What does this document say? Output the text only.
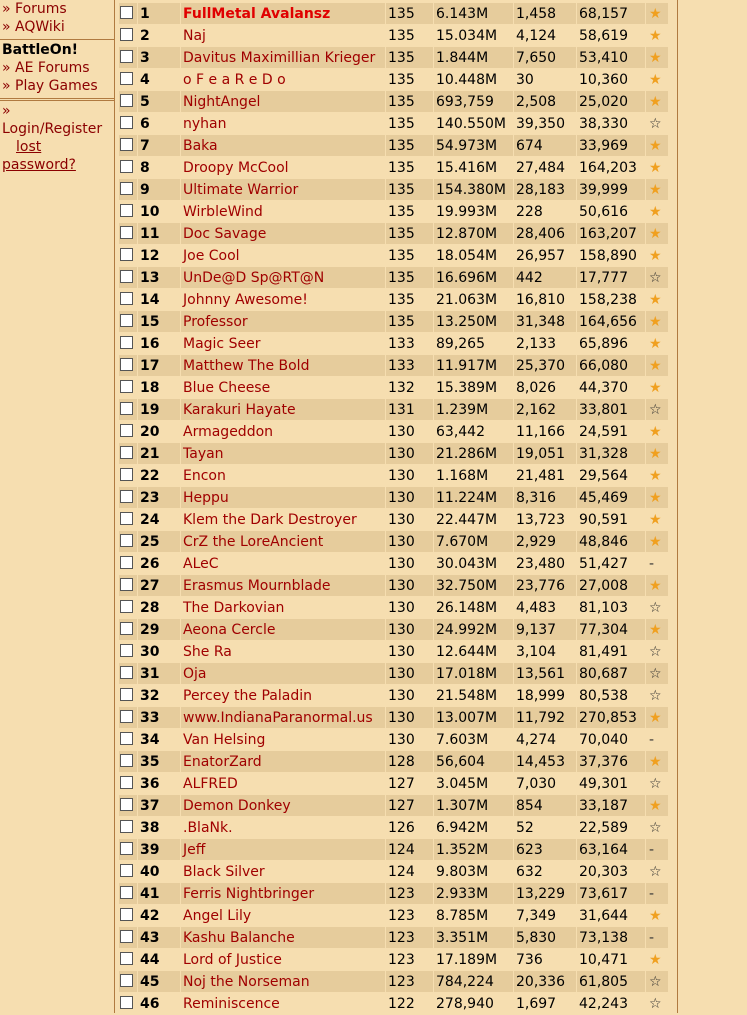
» Forums
» AQWiki
BattleOn!
» AE Forums
» Play Games
»
Login/Register
lost
password?
	1	FullMetal Avalansz	135	6.143M	1,458	68,157	★
	2	Naj	135	15.034M	4,124	58,619	★
	3	Davitus Maximillian Krieger	135	1.844M	7,650	53,410	★
	4	o F e a R e D o	135	10.448M	30	10,360	★
	5	NightAngel	135	693,759	2,508	25,020	★
	6	nyhan	135	140.550M	39,350	38,330	☆
	7	Baka	135	54.973M	674	33,969	★
	8	Droopy McCool	135	15.416M	27,484	164,203	★
	9	Ultimate Warrior	135	154.380M	28,183	39,999	★
	10	WirbleWind	135	19.993M	228	50,616	★
	11	Doc Savage	135	12.870M	28,406	163,207	★
	12	Joe Cool	135	18.054M	26,957	158,890	★
	13	UnDe@D Sp@RT@N	135	16.696M	442	17,777	☆
	14	Johnny Awesome!	135	21.063M	16,810	158,238	★
	15	Professor	135	13.250M	31,348	164,656	★
	16	Magic Seer	133	89,265	2,133	65,896	★
	17	Matthew The Bold	133	11.917M	25,370	66,080	★
	18	Blue Cheese	132	15.389M	8,026	44,370	★
	19	Karakuri Hayate	131	1.239M	2,162	33,801	☆
	20	Armageddon	130	63,442	11,166	24,591	★
	21	Tayan	130	21.286M	19,051	31,328	★
	22	Encon	130	1.168M	21,481	29,564	★
	23	Heppu	130	11.224M	8,316	45,469	★
	24	Klem the Dark Destroyer	130	22.447M	13,723	90,591	★
	25	CrZ the LoreAncient	130	7.670M	2,929	48,846	★
	26	ALeC	130	30.043M	23,480	51,427	-
	27	Erasmus Mournblade	130	32.750M	23,776	27,008	★
	28	The Darkovian	130	26.148M	4,483	81,103	☆
	29	Aeona Cercle	130	24.992M	9,137	77,304	★
	30	She Ra	130	12.644M	3,104	81,491	☆
	31	Oja	130	17.018M	13,561	80,687	☆
	32	Percey the Paladin	130	21.548M	18,999	80,538	☆
	33	www.IndianaParanormal.us	130	13.007M	11,792	270,853	★
	34	Van Helsing	130	7.603M	4,274	70,040	-
	35	EnatorZard	128	56,604	14,453	37,376	★
	36	ALFRED	127	3.045M	7,030	49,301	☆
	37	Demon Donkey	127	1.307M	854	33,187	★
	38	.BlaNk.	126	6.942M	52	22,589	☆
	39	Jeff	124	1.352M	623	63,164	-
	40	Black Silver	124	9.803M	632	20,303	☆
	41	Ferris Nightbringer	123	2.933M	13,229	73,617	-
	42	Angel Lily	123	8.785M	7,349	31,644	★
	43	Kashu Balanche	123	3.351M	5,830	73,138	-
	44	Lord of Justice	123	17.189M	736	10,471	★
	45	Noj the Norseman	123	784,224	20,336	61,805	☆
	46	Reminiscence	122	278,940	1,697	42,243	☆
